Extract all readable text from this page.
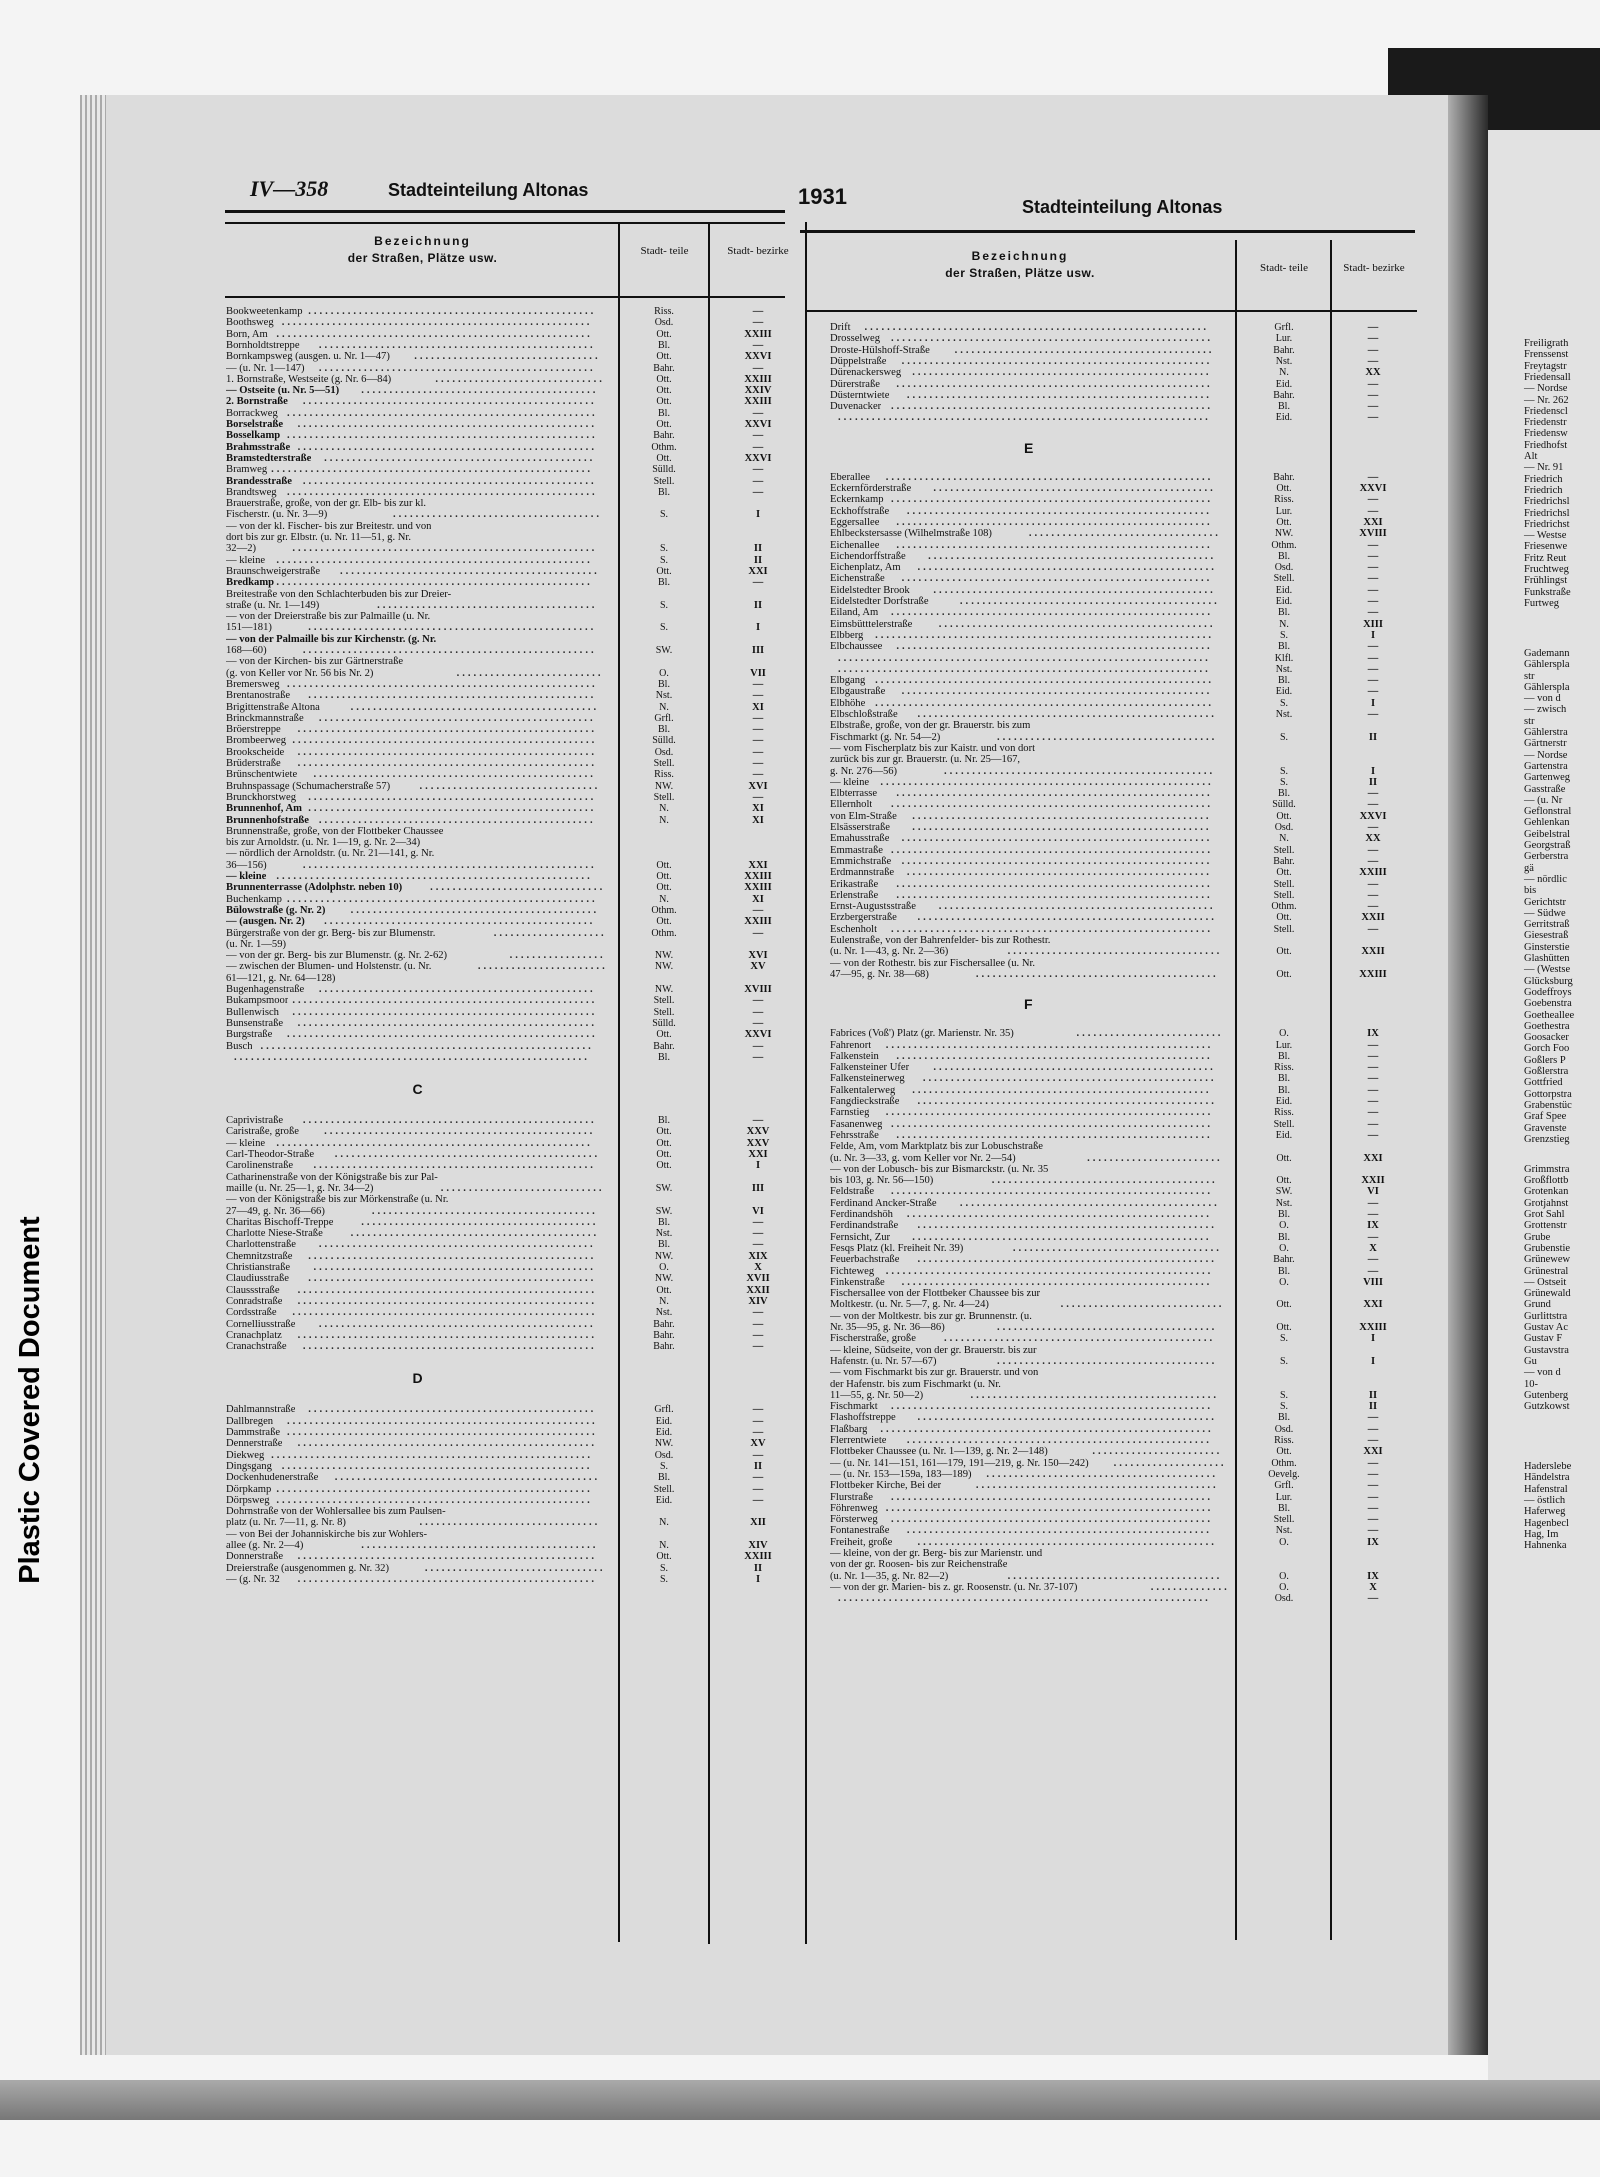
Freiligrath
Frenssenst
Freytagstr
Friedensall
— Nordse
— Nr. 262
Friedenscl
Friedenstr
Friedensw
Friedhofst
Alt
— Nr. 91
Friedrich
Friedrich
Friedrichsl
Friedrichsl
Friedrichst
— Westse
Friesenwe
Fritz Reut
Fruchtweg
Frühlingst
Funkstraße
Furtweg
Gademann
Gählerspla
str
Gählerspla
— von d
— zwisch
str
Gählerstra
Gärtnerstr
— Nordse
Gartenstra
Gartenweg
Gasstraße
— (u. Nr
Geflonstral
Gehlenkan
Geibelstral
Georgstraß
Gerberstra
gä
— nördlic
bis
Gerichtstr
— Südwe
Gerritstraß
Giesestraß
Ginsterstie
Glashütten
— (Westse
Glücksburg
Godeffroys
Goebenstra
Goetheallee
Goethestra
Goosacker
Gorch Foo
Goßlers P
Goßlerstra
Gottfried
Gottorpstra
Grabenstüc
Graf Spee
Gravenste
Grenzstieg
Grimmstra
Großflottb
Grotenkan
Grotjahnst
Grot Sahl
Grottenstr
Grube
Grubenstie
Grünewew
Grünestral
— Ostseit
Grünewald
Grund
Gurlittstra
Gustav Ac
Gustav F
Gustavstra
Gu
— von d
10-
Gutenberg
Gutzkowst
Haderslebe
Händelstra
Hafenstral
— östlich
Haferweg
Hagenbecl
Hag, Im
Hahnenka
Plastic Covered Document
IV—358	Stadteinteilung Altonas	1931	Stadteinteilung Altonas
Bezeichnung
der Straßen, Plätze usw.	Stadt- teile	Stadt- bezirke	Bezeichnung
der Straßen, Plätze usw.	Stadt- teile	Stadt- bezirke
Bookweetenkamp ...................................................	Riss.	—
Boothsweg .......................................................	Osd.	—
Born, Am ........................................................	Ott.	XXIII
Bornholdtstreppe .................................................	Bl.	—
Bornkampsweg (ausgen. u. Nr. 1—47) .................................	Ott.	XXVI
— (u. Nr. 1—147) .................................................	Bahr.	—
1. Bornstraße, Westseite (g. Nr. 6—84)	..............................	Ott.	XXIII
— Ostseite (u. Nr. 5—51) ..........................................	Ott.	XXIV
2. Bornstraße ....................................................	Ott.	XXIII
Borrackweg .......................................................	Bl.	—
Borselstraße .....................................................	Ott.	XXVI
Bosselkamp .......................................................	Bahr.	—
Brahmsstraße .....................................................	Othm.	—
Bramstedterstraße ................................................	Ott.	XXVI
Bramweg .........................................................	Sülld.	—
Brandesstraße ....................................................	Stell.	—
Brandtsweg .......................................................	Bl.	—
Brauerstraße, große, von der gr. Elb- bis zur kl.
Fischerstr. (u. Nr. 3—9)	.....................................	S.	I
— von der kl. Fischer- bis zur Breitestr. und von
dort bis zur gr. Elbstr. (u. Nr. 11—51, g. Nr.
32—2)	......................................................	S.	II
— kleine ........................................................	S.	II
Braunschweigerstraße ..............................................	Ott.	XXI
Bredkamp ........................................................	Bl.	—
Breitestraße von den Schlachterbuden bis zur Dreier-
straße (u. Nr. 1—149)	.......................................	S.	II
— von der Dreierstraße bis zur Palmaille (u. Nr.
151—181)	...................................................	S.	I
— von der Palmaille bis zur Kirchenstr. (g. Nr.
168—60)	....................................................	SW.	III
— von der Kirchen- bis zur Gärtnerstraße
(g. von Keller vor Nr. 56 bis Nr. 2)	..........................	O.	VII
Bremersweg .......................................................	Bl.	—
Brentanostraße ...................................................	Nst.	—
Brigittenstraße Altona	............................................	N.	XI
Brinckmannstraße .................................................	Grfl.	—
Bröerstreppe .....................................................	Bl.	—
Brombeerweg ......................................................	Sülld.	—
Brookscheide .....................................................	Osd.	—
Brüderstraße .....................................................	Stell.	—
Brünschentwiete ..................................................	Riss.	—
Bruhnspassage (Schumacherstraße 57)	................................	NW.	XVI
Brunckhorstweg ...................................................	Stell.	—
Brunnenhof, Am ...................................................	N.	XI
Brunnenhofstraße .................................................	N.	XI
Brunnenstraße, große, von der Flottbeker Chaussee
bis zur Arnoldstr. (u. Nr. 1—19, g. Nr. 2—34)
— nördlich der Arnoldstr. (u. Nr. 21—141, g. Nr.
36—156)	....................................................	Ott.	XXI
— kleine ........................................................	Ott.	XXIII
Brunnenterrasse (Adolphstr. neben 10)	...............................	Ott.	XXIII
Buchenkamp .......................................................	N.	XI
Bülowstraße (g. Nr. 2) ............................................	Othm.	—
— (ausgen. Nr. 2) ................................................	Ott.	XXIII
Bürgerstraße von der gr. Berg- bis zur Blumenstr.	....................	Othm.	—
(u. Nr. 1—59)
— von der gr. Berg- bis zur Blumenstr. (g. Nr. 2-62)	.................	NW.	XVI
— zwischen der Blumen- und Holstenstr. (u. Nr.	.......................	NW.	XV
61—121, g. Nr. 64—128)
Bugenhagenstraße .................................................	NW.	XVIII
Bukampsmoor ......................................................	Stell.	—
Bullenwisch ......................................................	Stell.	—
Bunsenstraße .....................................................	Sülld.	—
Burgstraße .......................................................	Ott.	XXVI
Busch ...........................................................	Bahr.	—
...............................................................	Bl.	—
C
Caprivistraße ....................................................	Bl.	—
Caristraße, große ................................................	Ott.	XXV
— kleine ........................................................	Ott.	XXV
Carl-Theodor-Straße ...............................................	Ott.	XXI
Carolinenstraße ..................................................	Ott.	I
Catharinenstraße von der Königstraße bis zur Pal-
maille (u. Nr. 25—1, g. Nr. 34—2)	.............................	SW.	III
— von der Königstraße bis zur Mörkenstraße (u. Nr.
27—49, g. Nr. 36—66)	........................................	SW.	VI
Charitas Bischoff-Treppe	..........................................	Bl.	—
Charlotte Niese-Straße	............................................	Nst.	—
Charlottenstraße .................................................	Bl.	—
Chemnitzstraße ...................................................	NW.	XIX
Christianstraße ..................................................	O.	X
Claudiusstraße ...................................................	NW.	XVII
Claussstraße .....................................................	Ott.	XXII
Conradstraße .....................................................	N.	XIV
Cordsstraße ......................................................	Nst.	—
Cornelliusstraße .................................................	Bahr.	—
Cranachplatz .....................................................	Bahr.	—
Cranachstraße ....................................................	Bahr.	—
D
Dahlmannstraße ...................................................	Grfl.	—
Dallbregen .......................................................	Eid.	—
Dammstraße .......................................................	Eid.	—
Dennerstraße .....................................................	NW.	XV
Diekweg .........................................................	Osd.	—
Dingsgang .......................................................	S.	II
Dockenhudenerstraße ...............................................	Bl.	—
Dörpkamp ........................................................	Stell.	—
Dörpsweg ........................................................	Eid.	—
Dohrnstraße von der Wohlersallee bis zum Paulsen-
platz (u. Nr. 7—11, g. Nr. 8)	................................	N.	XII
— von Bei der Johanniskirche bis zur Wohlers-
allee (g. Nr. 2—4)	..........................................	N.	XIV
Donnerstraße .....................................................	Ott.	XXIII
Dreierstraße (ausgenommen g. Nr. 32)	................................	S.	II
— (g. Nr. 32 .....................................................	S.	I
Drift .............................................................	Grfl.	—
Drosselweg .........................................................	Lur.	—
Droste-Hülshoff-Straße ..............................................	Bahr.	—
Düppelstraße .......................................................	Nst.	—
Dürenackersweg .....................................................	N.	XX
Dürerstraße ........................................................	Eid.	—
Düsterntwiete ......................................................	Bahr.	—
Duvenacker .........................................................	Bl.	—
..................................................................	Eid.	—
E
Eberallee ..........................................................	Bahr.	—
Eckernförderstraße ..................................................	Ott.	XXVI
Eckernkamp .........................................................	Riss.	—
Eckhoffstraße ......................................................	Lur.	—
Eggersallee ........................................................	Ott.	XXI
Ehlbeckstersasse (Wilhelmstraße 108)	..................................	NW.	XVIII
Eichenallee ........................................................	Othm.	—
Eichendorffstraße ...................................................	Bl.	—
Eichenplatz, Am .....................................................	Osd.	—
Eichenstraße .......................................................	Stell.	—
Eidelstedter Brook ..................................................	Eid.	—
Eidelstedter Dorfstraße	..............................................	Eid.	—
Eiland, Am .........................................................	Bl.	—
Eimsbütttelerstraße .................................................	N.	XIII
Elbberg ............................................................	S.	I
Elbchaussee ........................................................	Bl.	—
..................................................................	Klfl.	—
..................................................................	Nst.	—
Elbgang ............................................................	Bl.	—
Elbgaustraße .......................................................	Eid.	—
Elbhöhe ............................................................	S.	I
Elbschloßstraße .....................................................	Nst.	—
Elbstraße, große, von der gr. Brauerstr. bis zum
Fischmarkt (g. Nr. 54—2)	.......................................	S.	II
— vom Fischerplatz bis zur Kaistr. und von dort
zurück bis zur gr. Brauerstr. (u. Nr. 25—167,
g. Nr. 276—56)	................................................	S.	I
— kleine ...........................................................	S.	II
Elbterrasse ........................................................	Bl.	—
Ellernholt .........................................................	Sülld.	—
von Elm-Straße .....................................................	Ott.	XXVI
Elsässerstraße .....................................................	Osd.	—
Emahusstraße .......................................................	N.	XX
Emmastraße .........................................................	Stell.	—
Emmichstraße .......................................................	Bahr.	—
Erdmannstraße ......................................................	Ott.	XXIII
Erikastraße ........................................................	Stell.	—
Erlenstraße ........................................................	Stell.	—
Ernst-Augustsstraße .................................................	Othm.	—
Erzbergerstraße .....................................................	Ott.	XXII
Eschenholt .........................................................	Stell.	—
Eulenstraße, von der Bahrenfelder- bis zur Rothestr.
(u. Nr. 1—43, g. Nr. 2—36)	......................................	Ott.	XXII
— von der Rothestr. bis zur Fischersallee (u. Nr.
47—95, g. Nr. 38—68)	...........................................	Ott.	XXIII
F
Fabrices (Voß') Platz (gr. Marienstr. Nr. 35)	..........................	O.	IX
Fahrenort ..........................................................	Lur.	—
Falkenstein ........................................................	Bl.	—
Falkensteiner Ufer ..................................................	Riss.	—
Falkensteinerweg ....................................................	Bl.	—
Falkentalerweg .....................................................	Bl.	—
Fangdieckstraße .....................................................	Eid.	—
Farnstieg ..........................................................	Riss.	—
Fasanenweg .........................................................	Stell.	—
Fehrsstraße ........................................................	Eid.	—
Felde, Am, vom Marktplatz bis zur Lobuschstraße
(u. Nr. 3—33, g. vom Keller vor Nr. 2—54)	........................	Ott.	XXI
— von der Lobusch- bis zur Bismarckstr. (u. Nr. 35
bis 103, g. Nr. 56—150)	........................................	Ott.	XXII
Feldstraße .........................................................	SW.	VI
Ferdinand Ancker-Straße ..............................................	Nst.	—
Ferdinandshöh ......................................................	Bl.	—
Ferdinandstraße .....................................................	O.	IX
Fernsicht, Zur .....................................................	Bl.	—
Fesqs Platz (kl. Freiheit Nr. 39)	.....................................	O.	X
Feuerbachstraße .....................................................	Bahr.	—
Fichteweg ..........................................................	Bl.	—
Finkenstraße .......................................................	O.	VIII
Fischersallee von der Flottbeker Chaussee bis zur
Moltkestr. (u. Nr. 5—7, g. Nr. 4—24)	.............................	Ott.	XXI
— von der Moltkestr. bis zur gr. Brunnenstr. (u.
Nr. 35—95, g. Nr. 36—86)	.......................................	Ott.	XXIII
Fischerstraße, große	................................................	S.	I
— kleine, Südseite, von der gr. Brauerstr. bis zur
Hafenstr. (u. Nr. 57—67)	.......................................	S.	I
— vom Fischmarkt bis zur gr. Brauerstr. und von
der Hafenstr. bis zum Fischmarkt (u. Nr.
11—55, g. Nr. 50—2)	............................................	S.	II
Fischmarkt .........................................................	S.	II
Flashoffstreppe .....................................................	Bl.	—
Flaßbarg ...........................................................	Osd.	—
Flerrentwiete ......................................................	Riss.	—
Flottbeker Chaussee (u. Nr. 1—139, g. Nr. 2—148)	.......................	Ott.	XXI
— (u. Nr. 141—151, 161—179, 191—219, g. Nr. 150—242) ....................	Othm.	—
— (u. Nr. 153—159a, 183—189) .........................................	Oevelg.	—
Flottbeker Kirche, Bei der	...........................................	Grfl.	—
Flurstraße .........................................................	Lur.	—
Föhrenweg ..........................................................	Bl.	—
Försterweg .........................................................	Stell.	—
Fontanestraße ......................................................	Nst.	—
Freiheit, große .....................................................	O.	IX
— kleine, von der gr. Berg- bis zur Marienstr. und
von der gr. Roosen- bis zur Reichenstraße
(u. Nr. 1—35, g. Nr. 82—2)	......................................	O.	IX
— von der gr. Marien- bis z. gr. Roosenstr. (u. Nr. 37-107)	..............	O.	X
..................................................................	Osd.	—
